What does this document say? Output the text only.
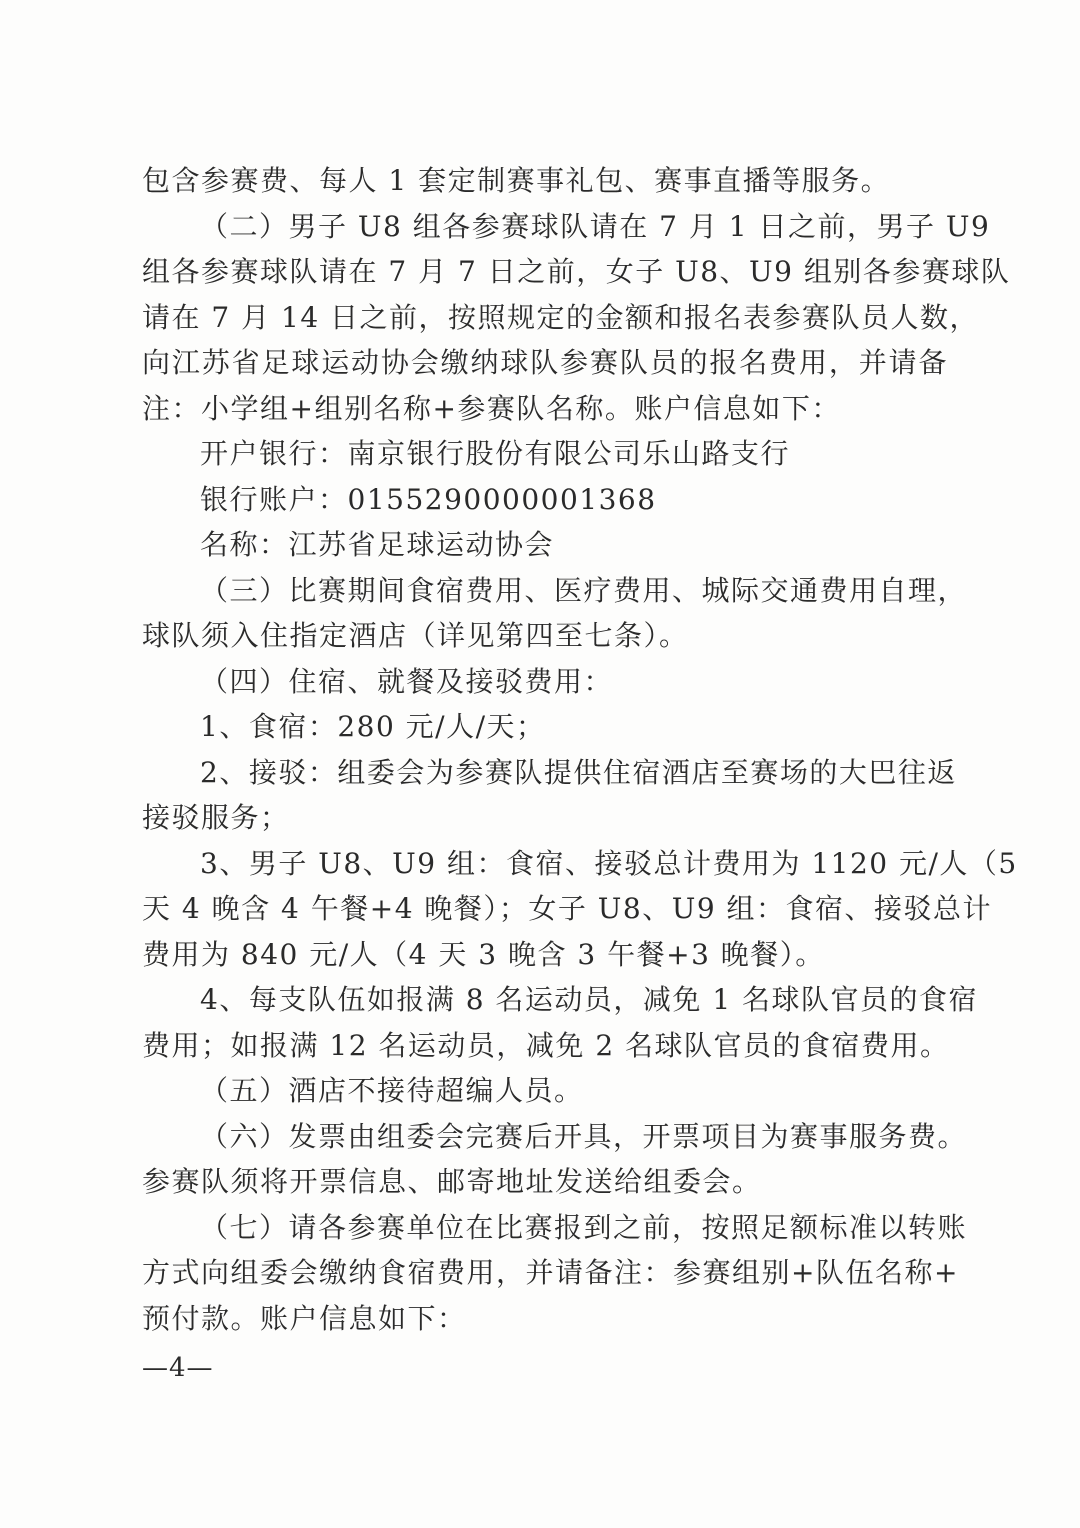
包含参赛费、每人 1 套定制赛事礼包、赛事直播等服务。
（二）男子 U8 组各参赛球队请在 7 月 1 日之前，男子 U9
组各参赛球队请在 7 月 7 日之前，女子 U8、U9 组别各参赛球队
请在 7 月 14 日之前，按照规定的金额和报名表参赛队员人数，
向江苏省足球运动协会缴纳球队参赛队员的报名费用，并请备
注：小学组+组别名称+参赛队名称。账户信息如下：
开户银行：南京银行股份有限公司乐山路支行
银行账户：0155290000001368
名称：江苏省足球运动协会
（三）比赛期间食宿费用、医疗费用、城际交通费用自理，
球队须入住指定酒店（详见第四至七条）。
（四）住宿、就餐及接驳费用：
1、食宿：280 元/人/天；
2、接驳：组委会为参赛队提供住宿酒店至赛场的大巴往返
接驳服务；
3、男子 U8、U9 组：食宿、接驳总计费用为 1120 元/人（5
天 4 晚含 4 午餐+4 晚餐）；女子 U8、U9 组：食宿、接驳总计
费用为 840 元/人（4 天 3 晚含 3 午餐+3 晚餐）。
4、每支队伍如报满 8 名运动员，减免 1 名球队官员的食宿
费用；如报满 12 名运动员，减免 2 名球队官员的食宿费用。
（五）酒店不接待超编人员。
（六）发票由组委会完赛后开具，开票项目为赛事服务费。
参赛队须将开票信息、邮寄地址发送给组委会。
（七）请各参赛单位在比赛报到之前，按照足额标准以转账
方式向组委会缴纳食宿费用，并请备注：参赛组别+队伍名称+
预付款。账户信息如下：
—4—
